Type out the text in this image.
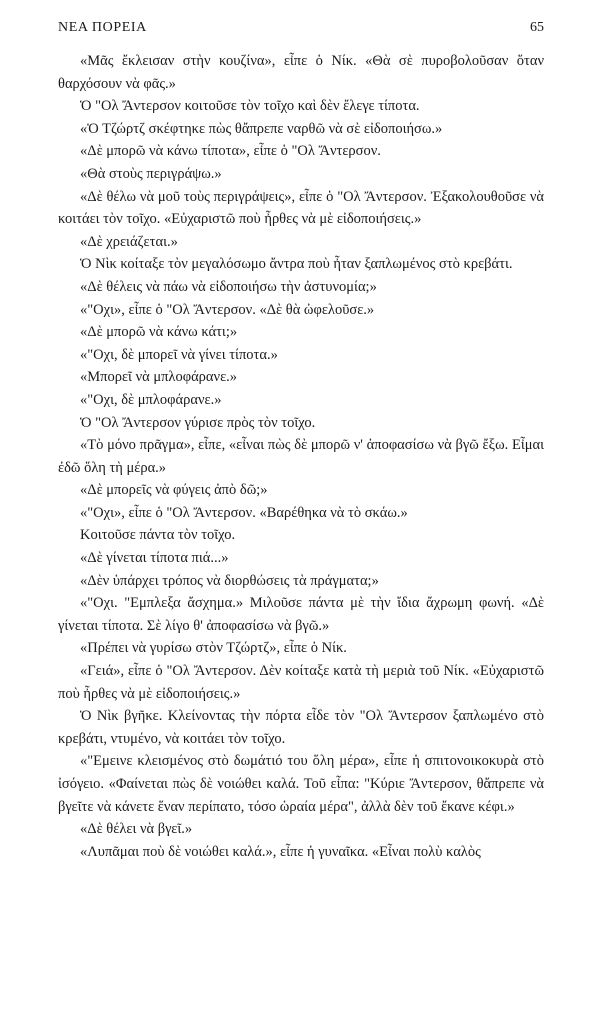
ΝΕΑ ΠΟΡΕΙΑ	65

«Μᾶς ἔκλεισαν στὴν κουζίνα», εἶπε ὁ Νίκ. «Θὰ σὲ πυροβολοῦσαν ὅταν θαρχόσουν νὰ φᾶς.»

Ὁ "Ολ Ἄντερσον κοιτοῦσε τὸν τοῖχο καὶ δὲν ἔλεγε τίποτα.

«Ὁ Τζώρτζ σκέφτηκε πὼς θἄπρεπε ναρθῶ νὰ σὲ εἰδοποιήσω.»

«Δὲ μπορῶ νὰ κάνω τίποτα», εἶπε ὁ "Ολ Ἄντερσον.

«Θὰ στοὺς περιγράψω.»

«Δὲ θέλω νὰ μοῦ τοὺς περιγράψεις», εἶπε ὁ "Ολ Ἄντερσον. Ἐξακολουθοῦσε νὰ κοιτάει τὸν τοῖχο. «Εὐχαριστῶ ποὺ ἦρθες νὰ μὲ εἰδοποιήσεις.»

«Δὲ χρειάζεται.»

Ὁ Νὶκ κοίταξε τὸν μεγαλόσωμο ἄντρα ποὺ ἦταν ξαπλωμένος στὸ κρεβάτι.

«Δὲ θέλεις νὰ πάω νὰ εἰδοποιήσω τὴν ἀστυνομία;»

«"Οχι», εἶπε ὁ "Ολ Ἄντερσον. «Δὲ θὰ ὠφελοῦσε.»

«Δὲ μπορῶ νὰ κάνω κάτι;»

«"Οχι, δὲ μπορεῖ νὰ γίνει τίποτα.»

«Μπορεῖ νὰ μπλοφάρανε.»

«"Οχι, δὲ μπλοφάρανε.»

Ὁ "Ολ Ἄντερσον γύρισε πρὸς τὸν τοῖχο.

«Τὸ μόνο πρᾶγμα», εἶπε, «εἶναι πὼς δὲ μπορῶ ν' ἀποφασίσω νὰ βγῶ ἔξω. Εἶμαι ἐδῶ ὅλη τὴ μέρα.»

«Δὲ μπορεῖς νὰ φύγεις ἀπὸ δῶ;»

«"Οχι», εἶπε ὁ "Ολ Ἄντερσον. «Βαρέθηκα νὰ τὸ σκάω.»

Κοιτοῦσε πάντα τὸν τοῖχο.

«Δὲ γίνεται τίποτα πιά...»

«Δὲν ὑπάρχει τρόπος νὰ διορθώσεις τὰ πράγματα;»

«"Οχι. "Εμπλεξα ἄσχημα.» Μιλοῦσε πάντα μὲ τὴν ἴδια ἄχρωμη φωνή. «Δὲ γίνεται τίποτα. Σὲ λίγο θ' ἀποφασίσω νὰ βγῶ.»

«Πρέπει νὰ γυρίσω στὸν Τζώρτζ», εἶπε ὁ Νίκ.

«Γειά», εἶπε ὁ "Ολ Ἄντερσον. Δὲν κοίταξε κατὰ τὴ μεριὰ τοῦ Νίκ. «Εὐχαριστῶ ποὺ ἦρθες νὰ μὲ εἰδοποιήσεις.»

Ὁ Νὶκ βγῆκε. Κλείνοντας τὴν πόρτα εἶδε τὸν "Ολ Ἄντερσον ξαπλωμένο στὸ κρεβάτι, ντυμένο, νὰ κοιτάει τὸν τοῖχο.

«"Εμεινε κλεισμένος στὸ δωμάτιό του ὅλη μέρα», εἶπε ἡ σπιτονοικοκυρὰ στὸ ἰσόγειο. «Φαίνεται πὼς δὲ νοιώθει καλά. Τοῦ εἶπα: "Κύριε Ἄντερσον, θἄπρεπε νὰ βγεῖτε νὰ κάνετε ἕναν περίπατο, τόσο ὡραία μέρα", ἀλλὰ δὲν τοῦ ἔκανε κέφι.»

«Δὲ θέλει νὰ βγεῖ.»

«Λυπᾶμαι ποὺ δὲ νοιώθει καλά.», εἶπε ἡ γυναῖκα. «Εἶναι πολὺ καλὸς
